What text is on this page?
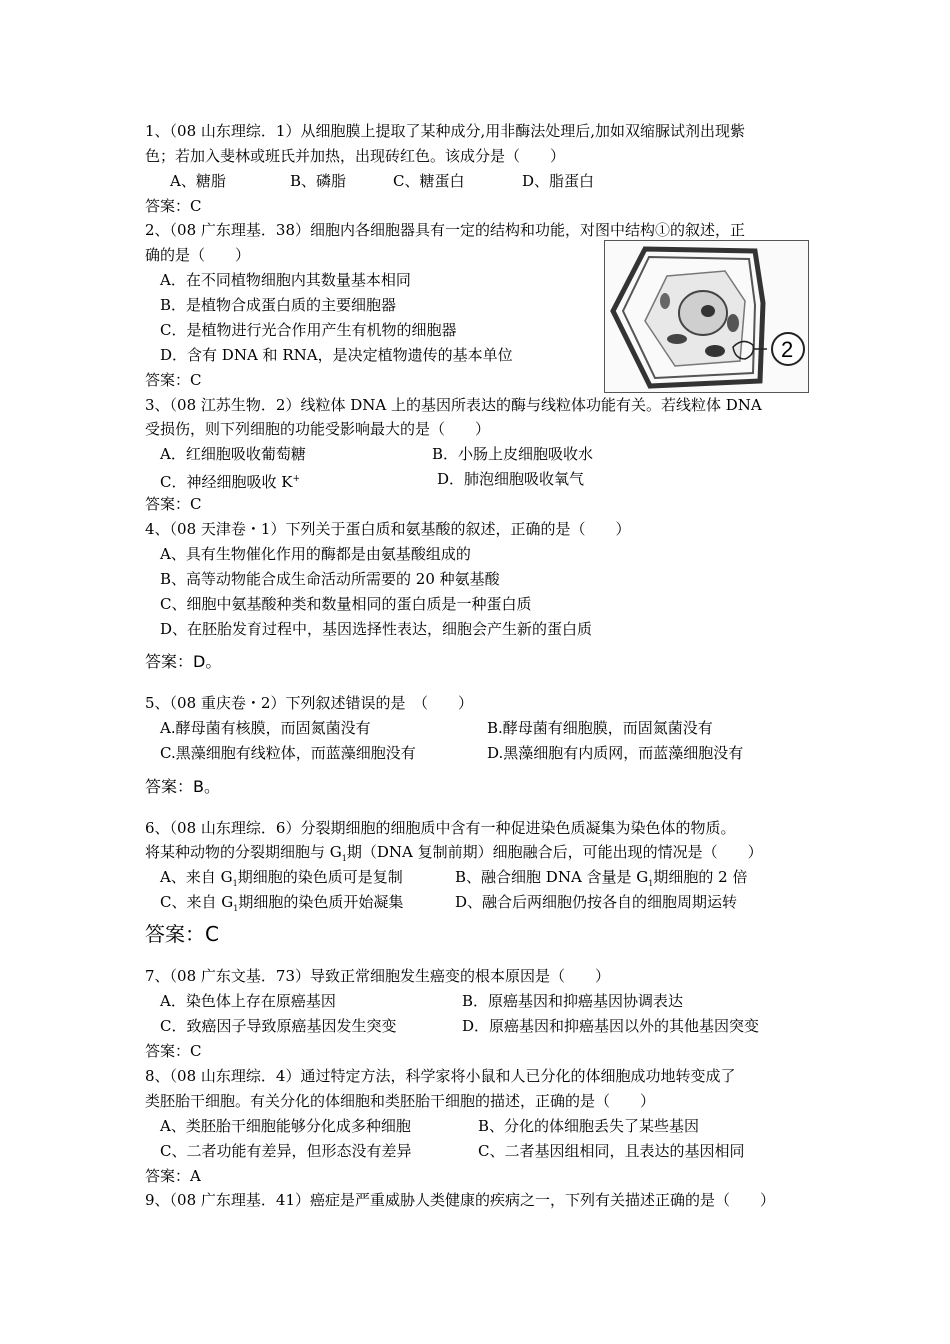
1、（08 山东理综．1）从细胞膜上提取了某种成分,用非酶法处理后,加如双缩脲试剂出现紫
色；若加入斐林或班氏并加热，出现砖红色。该成分是（　　）
A、糖脂	B、磷脂	C、糖蛋白	D、脂蛋白
答案：C
2、（08 广东理基．38）细胞内各细胞器具有一定的结构和功能，对图中结构①的叙述，正
确的是（　　）
A．在不同植物细胞内其数量基本相同
B．是植物合成蛋白质的主要细胞器
C．是植物进行光合作用产生有机物的细胞器
D．含有 DNA 和 RNA，是决定植物遗传的基本单位
答案：C
2
3、（08 江苏生物．2）线粒体 DNA 上的基因所表达的酶与线粒体功能有关。若线粒体 DNA
受损伤，则下列细胞的功能受影响最大的是（　　）
A．红细胞吸收葡萄糖	B．小肠上皮细胞吸收水
C．神经细胞吸收 K+	D．肺泡细胞吸收氧气
答案：C
4、（08 天津卷・1）下列关于蛋白质和氨基酸的叙述，正确的是（　　）
A、具有生物催化作用的酶都是由氨基酸组成的
B、高等动物能合成生命活动所需要的 20 种氨基酸
C、细胞中氨基酸种类和数量相同的蛋白质是一种蛋白质
D、在胚胎发育过程中，基因选择性表达，细胞会产生新的蛋白质
答案：D。
5、（08 重庆卷・2）下列叙述错误的是　（　　）
A.酵母菌有核膜，而固氮菌没有	B.酵母菌有细胞膜，而固氮菌没有
C.黑藻细胞有线粒体，而蓝藻细胞没有	D.黑藻细胞有内质网，而蓝藻细胞没有
答案：B。
6、（08 山东理综．6）分裂期细胞的细胞质中含有一种促进染色质凝集为染色体的物质。
将某种动物的分裂期细胞与 $G_1$期（DNA 复制前期）细胞融合后，可能出现的情况是（　　）
A、来自 $G_1$期细胞的染色质可是复制	B、融合细胞 DNA 含量是 $G_1$期细胞的 2 倍
C、来自 $G_1$期细胞的染色质开始凝集	D、融合后两细胞仍按各自的细胞周期运转
答案：C
7、（08 广东文基．73）导致正常细胞发生癌变的根本原因是（　　）
A．染色体上存在原癌基因	B．原癌基因和抑癌基因协调表达
C．致癌因子导致原癌基因发生突变	D．原癌基因和抑癌基因以外的其他基因突变
答案：C
8、（08 山东理综．4）通过特定方法，科学家将小鼠和人已分化的体细胞成功地转变成了
类胚胎干细胞。有关分化的体细胞和类胚胎干细胞的描述，正确的是（　　）
A、类胚胎干细胞能够分化成多种细胞	B、分化的体细胞丢失了某些基因
C、二者功能有差异，但形态没有差异	C、二者基因组相同，且表达的基因相同
答案：A
9、（08 广东理基．41）癌症是严重威胁人类健康的疾病之一，下列有关描述正确的是（　　）
